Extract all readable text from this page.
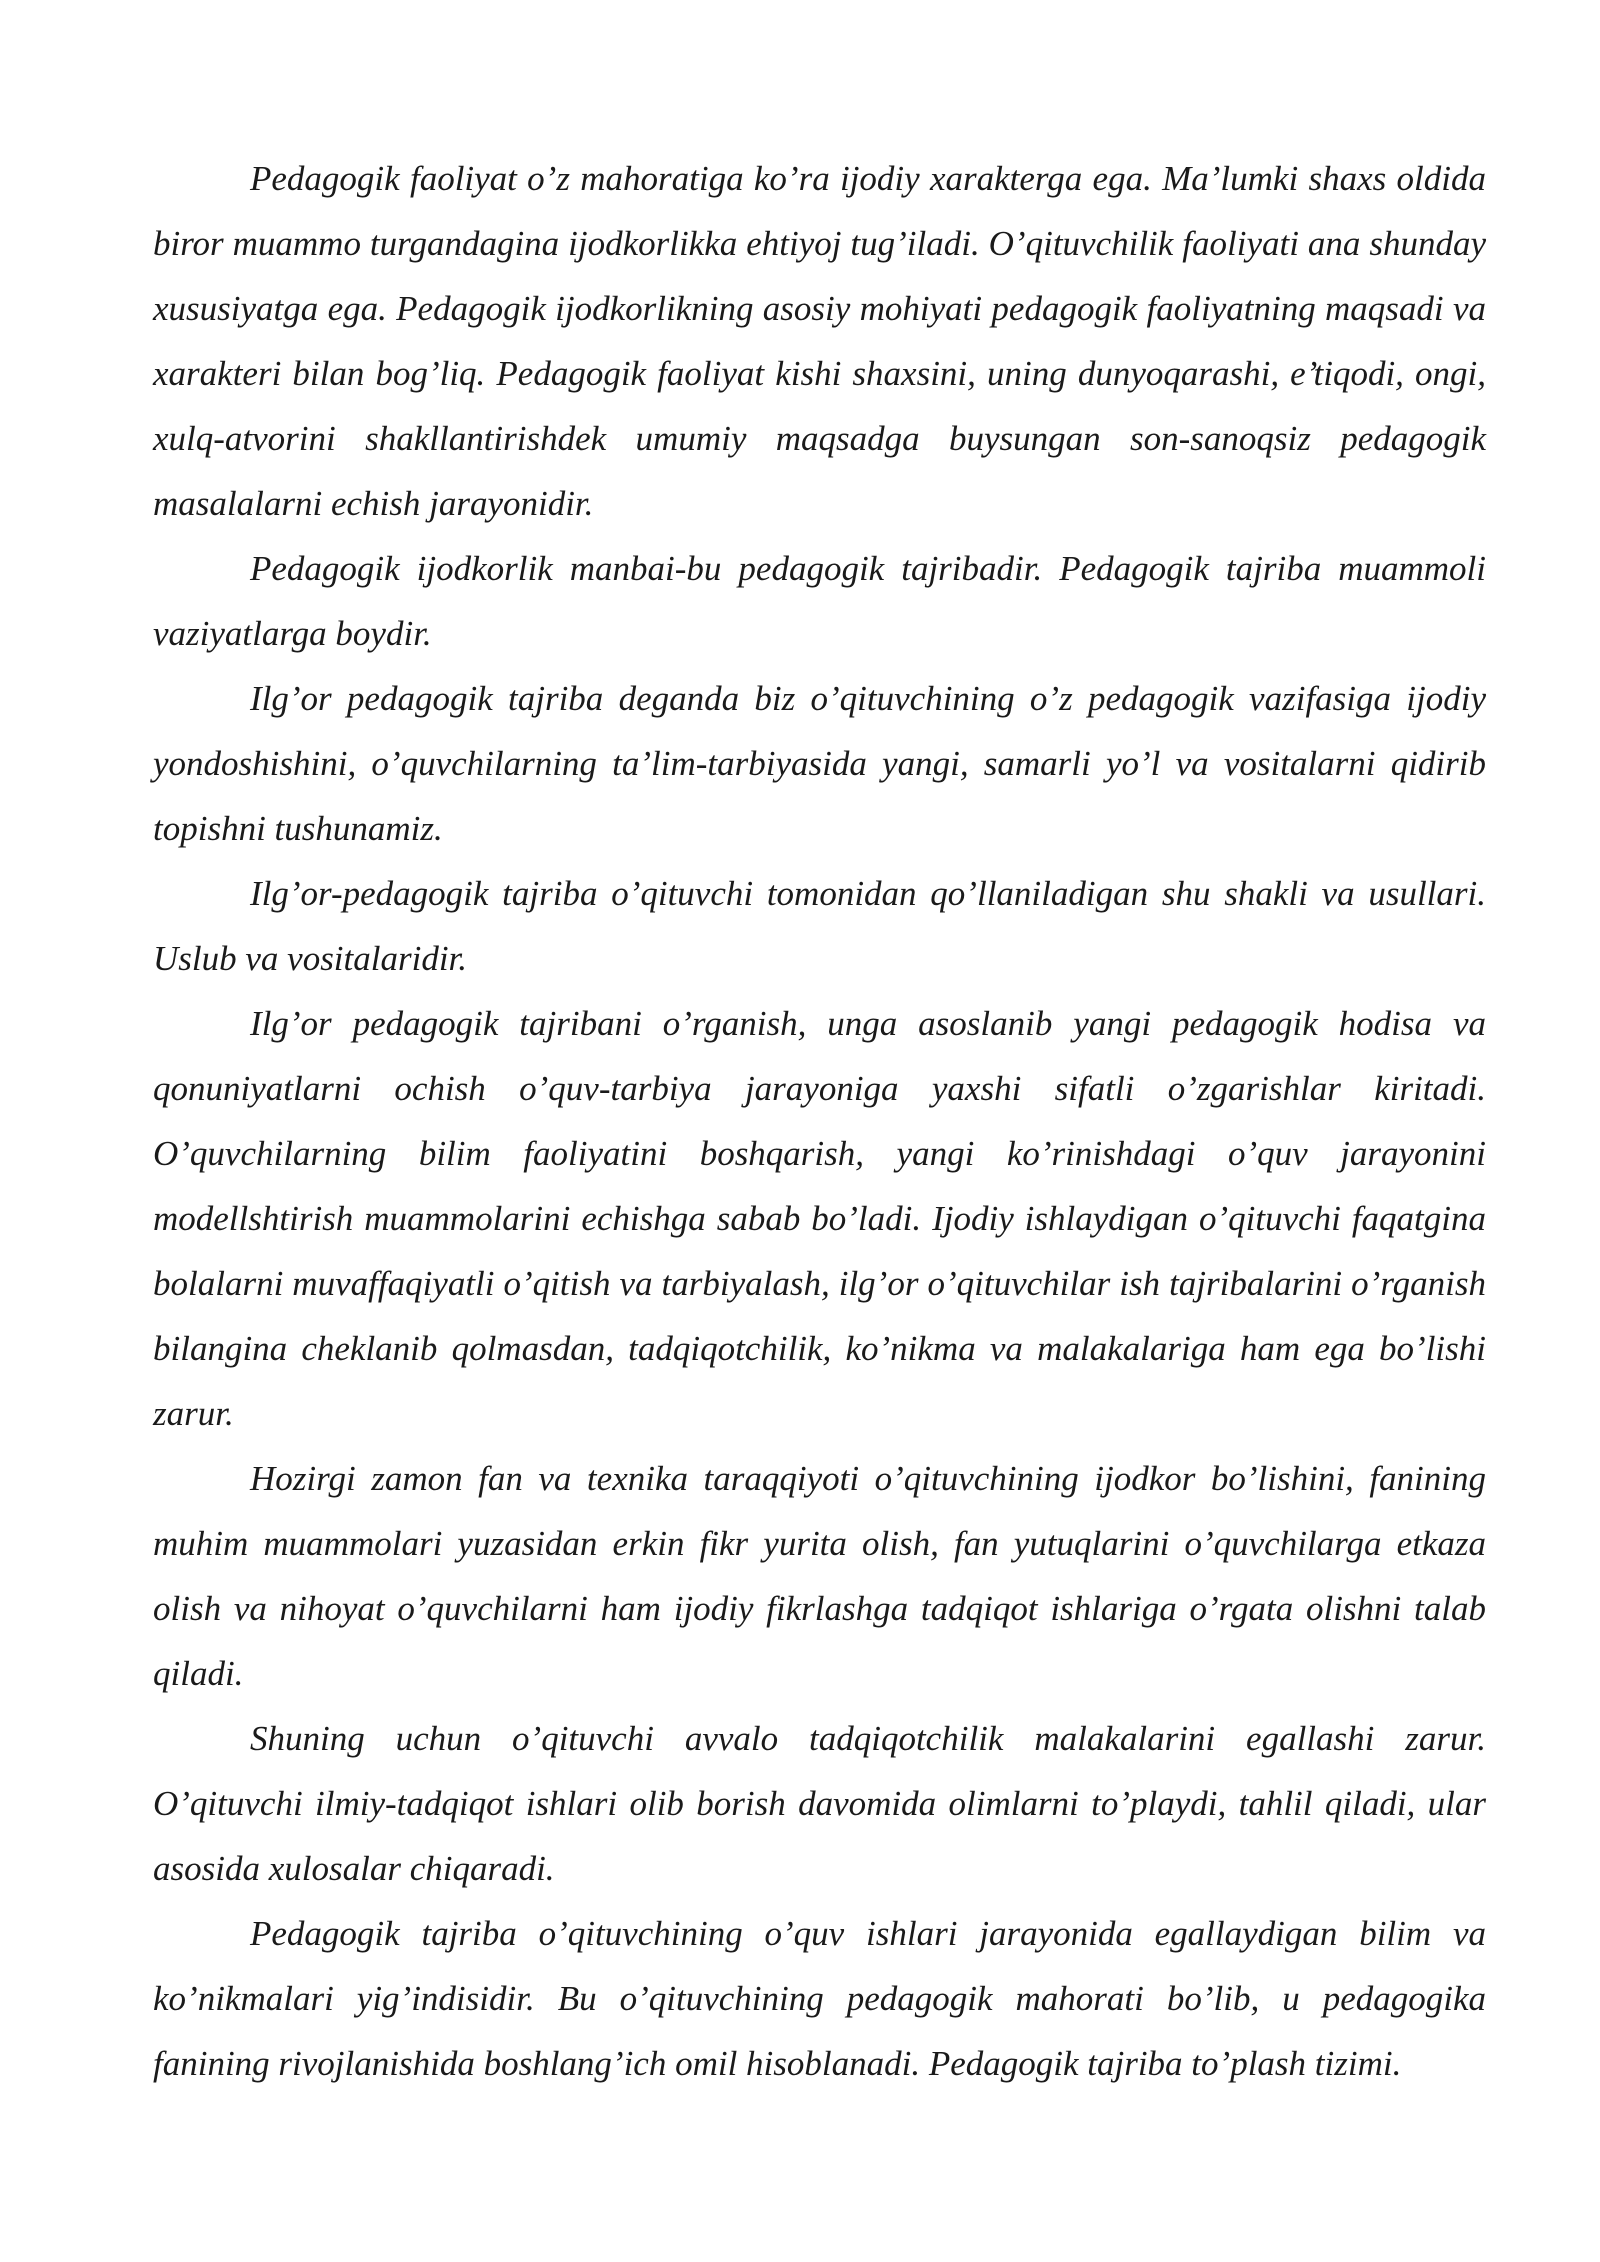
Pedagogik faoliyat o’z mahoratiga ko’ra ijodiy xarakterga ega. Ma’lumki shaxs oldida biror muammo turgandagina ijodkorlikka ehtiyoj tug’iladi. O’qituvchilik faoliyati ana shunday xususiyatga ega. Pedagogik ijodkorlikning asosiy mohiyati pedagogik faoliyatning maqsadi va xarakteri bilan bog’liq. Pedagogik faoliyat kishi shaxsini, uning dunyoqarashi, e’tiqodi, ongi, xulq-atvorini shakllantirishdek umumiy maqsadga buysungan son-sanoqsiz pedagogik masalalarni echish jarayonidir.

Pedagogik ijodkorlik manbai-bu pedagogik tajribadir. Pedagogik tajriba muammoli vaziyatlarga boydir.

Ilg’or pedagogik tajriba deganda biz o’qituvchining o’z pedagogik vazifasiga ijodiy yondoshishini, o’quvchilarning ta’lim-tarbiyasida yangi, samarli yo’l va vositalarni qidirib topishni tushunamiz.

Ilg’or-pedagogik tajriba o’qituvchi tomonidan qo’llaniladigan shu shakli va usullari. Uslub va vositalaridir.

Ilg’or pedagogik tajribani o’rganish, unga asoslanib yangi pedagogik hodisa va qonuniyatlarni ochish o’quv-tarbiya jarayoniga yaxshi sifatli o’zgarishlar kiritadi. O’quvchilarning bilim faoliyatini boshqarish, yangi ko’rinishdagi o’quv jarayonini modellshtirish muammolarini echishga sabab bo’ladi. Ijodiy ishlaydigan o’qituvchi faqatgina bolalarni muvaffaqiyatli o’qitish va tarbiyalash, ilg’or o’qituvchilar ish tajribalarini o’rganish bilangina cheklanib qolmasdan, tadqiqotchilik, ko’nikma va malakalariga ham ega bo’lishi zarur.

Hozirgi zamon fan va texnika taraqqiyoti o’qituvchining ijodkor bo’lishini, fanining muhim muammolari yuzasidan erkin fikr yurita olish, fan yutuqlarini o’quvchilarga etkaza olish va nihoyat o’quvchilarni ham ijodiy fikrlashga tadqiqot ishlariga o’rgata olishni talab qiladi.

Shuning uchun o’qituvchi avvalo tadqiqotchilik malakalarini egallashi zarur. O’qituvchi ilmiy-tadqiqot ishlari olib borish davomida olimlarni to’playdi, tahlil qiladi, ular asosida xulosalar chiqaradi.

Pedagogik tajriba o’qituvchining o’quv ishlari jarayonida egallaydigan bilim va ko’nikmalari yig’indisidir. Bu o’qituvchining pedagogik mahorati bo’lib, u pedagogika fanining rivojlanishida boshlang’ich omil hisoblanadi. Pedagogik tajriba to’plash tizimi.
